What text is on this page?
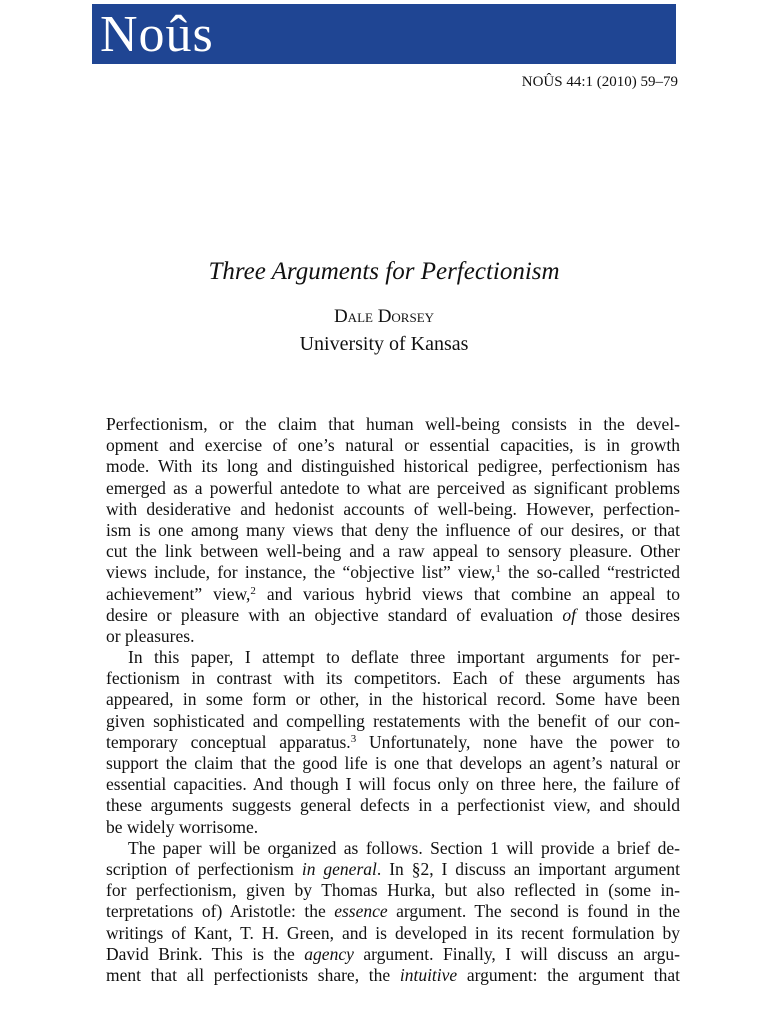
Noûs
NOÛS 44:1 (2010) 59–79
Three Arguments for Perfectionism
Dale Dorsey
University of Kansas
Perfectionism, or the claim that human well-being consists in the devel-
opment and exercise of one’s natural or essential capacities, is in growth
mode. With its long and distinguished historical pedigree, perfectionism has
emerged as a powerful antedote to what are perceived as significant problems
with desiderative and hedonist accounts of well-being. However, perfection-
ism is one among many views that deny the influence of our desires, or that
cut the link between well-being and a raw appeal to sensory pleasure. Other
views include, for instance, the “objective list” view,$^1$ the so-called “restricted
achievement” view,$^2$ and various hybrid views that combine an appeal to
desire or pleasure with an objective standard of evaluation of those desires
or pleasures.
In this paper, I attempt to deflate three important arguments for per-
fectionism in contrast with its competitors. Each of these arguments has
appeared, in some form or other, in the historical record. Some have been
given sophisticated and compelling restatements with the benefit of our con-
temporary conceptual apparatus.$^3$ Unfortunately, none have the power to
support the claim that the good life is one that develops an agent’s natural or
essential capacities. And though I will focus only on three here, the failure of
these arguments suggests general defects in a perfectionist view, and should
be widely worrisome.
The paper will be organized as follows. Section 1 will provide a brief de-
scription of perfectionism in general. In §2, I discuss an important argument
for perfectionism, given by Thomas Hurka, but also reflected in (some in-
terpretations of) Aristotle: the essence argument. The second is found in the
writings of Kant, T. H. Green, and is developed in its recent formulation by
David Brink. This is the agency argument. Finally, I will discuss an argu-
ment that all perfectionists share, the intuitive argument: the argument that
